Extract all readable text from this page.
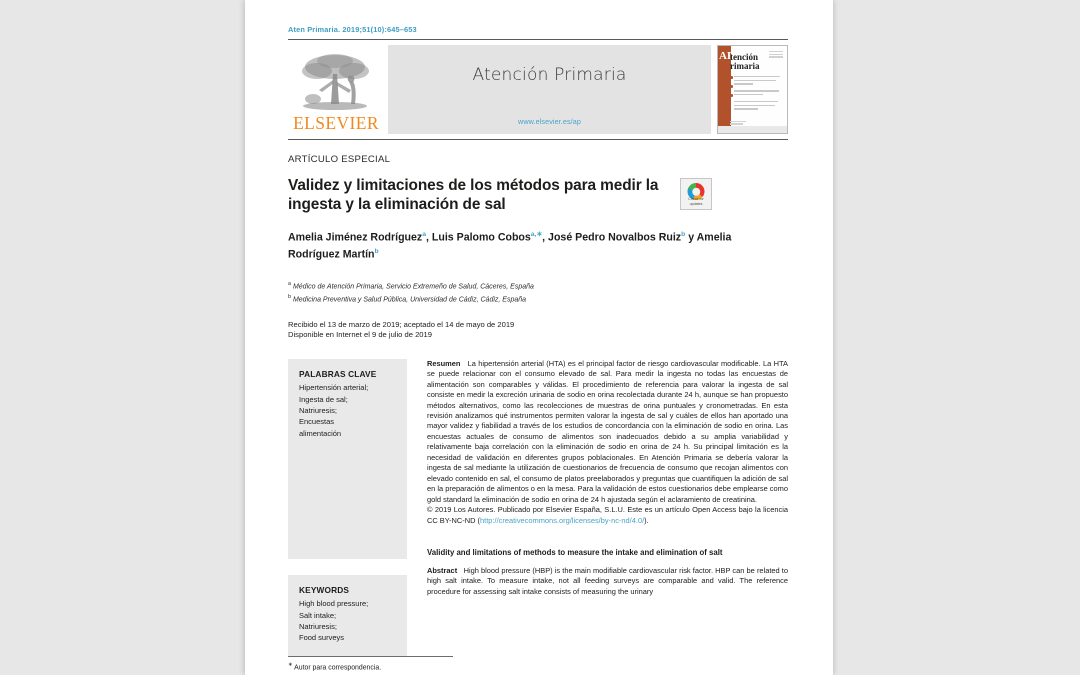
Aten Primaria. 2019;51(10):645–653
ELSEVIER
Atención Primaria
www.elsevier.es/ap
AP
tención
rimaria
ARTÍCULO ESPECIAL
Validez y limitaciones de los métodos para medir la ingesta y la eliminación de sal	Check for
updates
Amelia Jiménez Rodríguez$^a$, Luis Palomo Cobos$^{a,∗}$, José Pedro Novalbos Ruiz$^b$ y Amelia Rodríguez Martín$^b$
$^a$ Médico de Atención Primaria, Servicio Extremeño de Salud, Cáceres, España
$^b$ Medicina Preventiva y Salud Pública, Universidad de Cádiz, Cádiz, España
Recibido el 13 de marzo de 2019; aceptado el 14 de mayo de 2019
Disponible en Internet el 9 de julio de 2019
PALABRAS CLAVE
Hipertensión arterial;
Ingesta de sal;
Natriuresis;
Encuestas
alimentación
KEYWORDS
High blood pressure;
Salt intake;
Natriuresis;
Food surveys
Resumen La hipertensión arterial (HTA) es el principal factor de riesgo cardiovascular modificable. La HTA se puede relacionar con el consumo elevado de sal. Para medir la ingesta no todas las encuestas de alimentación son comparables y válidas. El procedimiento de referencia para valorar la ingesta de sal consiste en medir la excreción urinaria de sodio en orina recolectada durante 24 h, aunque se han propuesto métodos alternativos, como las recolecciones de muestras de orina puntuales y cronometradas. En esta revisión analizamos qué instrumentos permiten valorar la ingesta de sal y cuáles de ellos han aportado una mayor validez y fiabilidad a través de los estudios de concordancia con la eliminación de sodio en orina. Las encuestas actuales de consumo de alimentos son inadecuados debido a su amplia variabilidad y relativamente baja correlación con la eliminación de sodio en orina de 24 h. Su principal limitación es la necesidad de validación en diferentes grupos poblacionales. En Atención Primaria se debería valorar la ingesta de sal mediante la utilización de cuestionarios de frecuencia de consumo que recojan alimentos con elevado contenido en sal, el consumo de platos preelaborados y preguntas que cuantifiquen la adición de sal en la preparación de alimentos o en la mesa. Para la validación de estos cuestionarios debe emplearse como gold standard la eliminación de sodio en orina de 24 h ajustada según el aclaramiento de creatinina.
© 2019 Los Autores. Publicado por Elsevier España, S.L.U. Este es un artículo Open Access bajo la licencia CC BY-NC-ND (http://creativecommons.org/licenses/by-nc-nd/4.0/).
Validity and limitations of methods to measure the intake and elimination of salt
Abstract High blood pressure (HBP) is the main modifiable cardiovascular risk factor. HBP can be related to high salt intake. To measure intake, not all feeding surveys are comparable and valid. The reference procedure for assessing salt intake consists of measuring the urinary
∗ Autor para correspondencia.
